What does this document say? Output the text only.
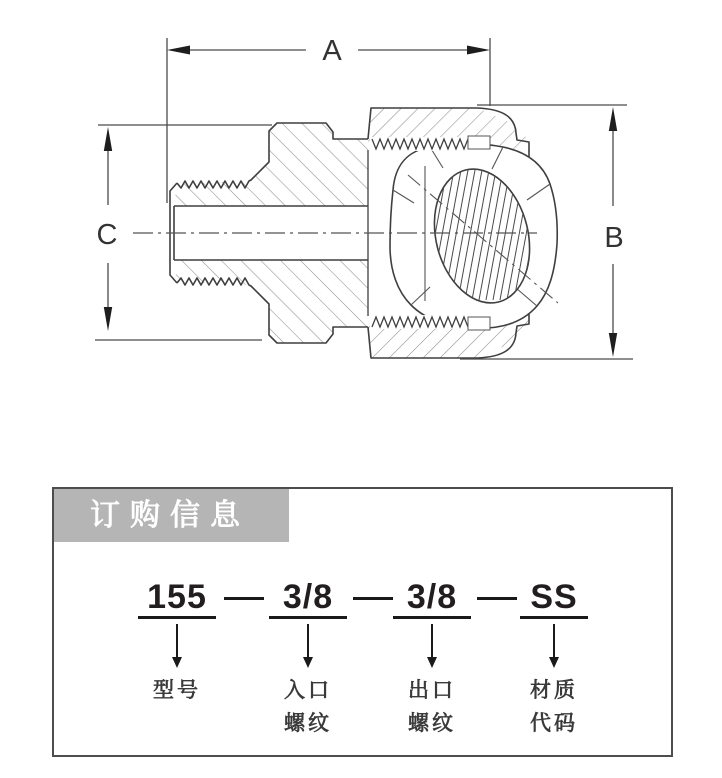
A
C	B
订购信息
155
型号
3/8
入口
螺纹
3/8
出口
螺纹
SS
材质
代码
